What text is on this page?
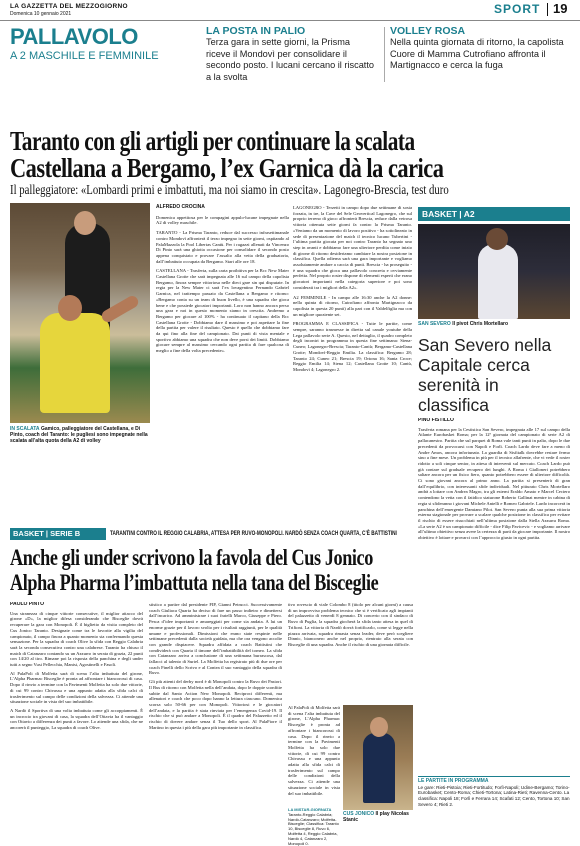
LA GAZZETTA DEL MEZZOGIORNO
Domenica 10 gennaio 2021	SPORT 19
PALLAVOLO
A 2 MASCHILE E FEMMINILE
LA POSTA IN PALIO
Terza gara in sette giorni, la Prisma riceve il Mondovì per consolidare il secondo posto. I lucani cercano il riscatto a la svolta
VOLLEY ROSA
Nella quinta giornata di ritorno, la capolista Cuore di Mamma Cutrofiano affronta il Martignacco e cerca la fuga
Taranto con gli artigli per continuare la scalata
Castellana a Bergamo, l’ex Garnica dà la carica
Il palleggiatore: «Lombardi primi e imbattuti, ma noi siamo in crescita». Lagonegro-Brescia, test duro
IN SCALATA Gamico, palleggiatore del Castellana, e Di Pinto, coach del Taranto: le pugliesi sono impegnate nella scalata all’alta quota della A2 di volley
ALFREDO CROCINA

Domenica appetitosa per le compagini appulo-lucane impegnate nella A2 di volley maschile.

TARANTO - La Prisma Taranto, reduce dal successo infrasettimanale contro Mondovì affronterà il terzo impegno in sette giorni, ospitando al PalaMazzola la Pool Libertas Cantù. Per i ragazzi allenati da Vincenzo Di Pinto sarà una ghiotta occasione per consolidare il secondo posto appena conquistato e provare l’assalto alla vetta della graduatoria, dall’imbattuto occupata da Bergamo. Start alle ore 18.

CASTELLANA - Trasferta, sulla carta proibitiva per la Bcc New Mater Castellana Grotte che sarà impegnata alle 16 sul campo della capolista Bergamo, finora sempre vittoriosa nelle dieci gare sin qui disputate. In regia per la New Mater ci sarà l’ex lovagentino Fernando Gabriel Garnica, nel trattempo passato da Castellana a Bergamo e ritorno: «Bergamo conta su un team di buon livello, è una squadra che gioca bene e che possiede giocatori importanti. Loro non hanno ancora perso una gara e noi in questo momento siamo in crescita. Andremo a Bergamo per giocare al 100% - ha continuato il capitano della Bcc Castellana Grotte - Dobbiamo dare il massimo e poi aspettare la fine della partita per valere il risultato. Questo è quello che dobbiamo fare da qui fino alla fine del campionato. Dai punti di vista mentale e sportivo abbiamo una squadra che non deve porsi dei limiti. Dobbiamo giocare sempre al massimo cercando ogni partita di fare qualcosa di meglio a fine della volta precedente».

LAGONEGRO - Terzetti in campo dopo due settimane di sosta forzata, in tre, la Cave del Sele Geovertical Lagonegro, che sul proprio terreno di gioco affronterà Brescia, reduce dalla vetrosa vittoria ottenuta sette giorni fa contro la Prisma Taranto. «Veniamo da un momento di lavoro positivo - ha sottolineato in sede di presentazione del match il tecnico lucano Tubertini - l’ultima partita giocata per noi contro Taranto ha segnato uno step in avanti e dobbiamo fare una ulteriore perdita come inizio di girone di ritorno desideriamo cambiare la nostra posizione in classifica. Quella odierna sarà una gara importante e vogliamo assolutamente andare a caccia di punti. Brescia - ha proseguito - è una squadra che gioca una pallavolo concreta e ovviamente perfetta. Nel proprio roster dispone di elementi esperti che erano giocatori importanti nella categoria superiore e poi sono considerati tra i migliori della A2».

A2 FEMMINILE - In campo alle 16:30 anche la A2 donne: nella quinta di ritorno, Cutrofiano affronta Martignacco da capolista in questa 20 punti) alla pari con il Valdelfiglia ma con un migliore quoziente set.

PROGRAMMA E CLASSIFICA - Tutte le partite, come sempre, saranno trasmesse in diretta sul canale youtube della Lega pallavolo serie A. Questo, nel dettaglio, il quadro completo degli incontri in programma in questa fine settimana: Siena-Cuneo; Lagonegro-Brescia; Taranto-Cantù; Bergamo-Castellana Grotte; Mondovì-Reggio Emilia. La classifica: Bergamo 28; Taranto 24; Cuneo 21; Brescia 19; Ortona 16; Santa Croce; Reggio Emilia 14; Siena 12; Castellana Grotte 10; Cantù, Mondovì 4; Lagonegro 2.

BASKET | A2
SAN SEVERO Il pivot Chris Mortellaro
San Severo nella Capitale cerca serenità in classifica
PINO FISTILLO

Trasferta romana per la Cestistica San Severo, impegnata alle 17 sul campo della Atlante Eurobasket Roma; per la 12ª giornata del campionato di serie A2 di pallacanestro. Partita che sul parquet di Roma vale tanti punti in palio, dopo le due precedenti da provocarsi con Napoli e Forlì. Coach Lardo deve fare a meno di Andre Amos, ancora infortunato. La guardia di Sisfitalk dovrebbe restare fermo sino a fine mese. Un problema in più per il tecnico allafrente, che vi vede il roster ridotto a soli cinque senior, in attesa di interventi sul mercato. Coach Lardo può già contare sul graduale recupero dei lunghi. A Roma i Gialloneri potrebbero saltare ancora per un fisico fiero, quanto potrebbero essere di ulteriore difficoltà. Ci sono giovani ancora al primo anno. La partita si presenterà di gran dall’equilibrio, con interessanti sfide individuali. Nel pitturato Chris Mortellaro andrà a lottare con Andrea Magro, tra gli esterni Eraldo Amato e Marcel Ceciero contendono la vetta con il fatidico staturone Roberto Gallinat mentre in cabina di regia si sfideranno i giovani Michele Antelli e Romeo Gabriele. Lardo incorcerà in panchina dell’emergente Damiano Pilot. San Severo punta alla sua prima vittoria esterna stagionale per provare a scalare qualche posizione in classifica per evitare il rischio di essere risucchiati nell’ultima posizione dalla Stella Azzurra Roma. «La serie A2 è un campionato difficile - dice Filip Pavicevic - e vogliamo arrivare all’ultimo obiettivo senza avere la certezza di parti da giocare importante. Il nostro obiettivo è lottare e provarci con l’approccio giusto in ogni partita.

LE PARTITE IN PROGRAMMA
Le gare: Rieti-Pistoia; Rieti-Fortitudo; Forlì-Napoli; Udine-Bergamo; Torino-Eurobasket; Cento-Roma; Chieti-Tortona; Latina-Rieti; Ravenna-Cento. La classifica: Napoli 18; Forlì e Ferrara 14; Scafati 12; Cento, Tortona 10; San Severo 4; Rieti 2.
BASKET | SERIE B	TARANTINI CONTRO IL REGGIO CALABRIA, ATTESA PER RUVO-MONOPOLI. NARDÒ SENZA COACH QUARTA, C’È BATTISTINI
Anche gli under scrivono la favola del Cus Jonico
Alpha Pharma l’imbattuta nella tana del Bisceglie
PAOLO PINTO

Una stranezza di cinque vittorie consecutive, il miglior attacco del girone «D», la miglior difesa considerando che Bisceglie dovrà recuperare la gara con Monopoli. È il biglietto da visita completo del Cus Jonico Taranto. Designate come tra le favorite alla vigilia del campionato, il campo finora a quanto momento sta confermando questa sensazione. Per la squadra di coach Olive la sfida con Reggio Calabria sarà la seconda consecutiva contro una calabrese. Taranto ha chiuso il match di Catanzaro contando su un Azzurro in serata di grazia, 22 punti con 14/20 al tiro. Rimane poi la risposta della panchina e degli under tutti a segno Vusi Pellecchia, Manisi, Agostinelli e Fasoli.

Al PalaPoli di Molfetta sarà di scena l’alta imbattuta del girone, L’Alpha Pharmac Bisceglie è pronta ad affrontare i biancorossi di casa. Dopo il rinvio a termine con la Pavimenti Molfetta ha solo due vittorie, di cui 99 contro Chivassu e una appunto adatta alla sfida calci di trasferimento sul campo delle condizioni della salvezza. Ci attende una situazione sociale in vista del suo imbattibile.

A Nardò il Sportiva di una volta imbattuta come gli accoppiamenti. È un incrocio tra giovani di casa, la squadra dell’Ottavia ha il vantaggio con Ottavio a differenza dei punti a favore. Lo attende una sfida, che ne ancorerà il punteggio, La squadra di coach Olive.

stistico a partire dal presidente FIP, Gianni Petrucci. Successivamente coach Giuliaca Quarta ha deciso di fare un passo indietro e dimettersi dall’incarico. Ad amministrare i suoi fratelli Marco, Giuseppe e Piero. Pesca d’idee importanti e amareggiati per come sia andata. A lui un enorme grazie per il lavoro svolto per i risultati raggiunti, per le qualità umane e professionali. Dimissioni che erano state respinte nelle settimane precedenti dalla società guidata, ma che ora vengono accolte con grande dispiacere. Squadra affidata a coach Battistini che condividerà con Quarta il timone dell’imbattibilità del torneo. La sfida con Catanzaro arriva a conclusione di una settimana burrascosa, dal fallacci al talento di Suriel. La Molfetta ha registrato più di due ore per coach Finelli dello Scrivo e al Contea il suo vantaggio della squadra di Ruvo.

Gli più attenti del derby nord è di Monopoli contro la Ruvo dei Pastori. Il Bus di ritorno con Molfetta nella dell’andata, dopo le doppie sconfitte subite dal Santo Action New Monopoli. Reciproci differenti, ma allenatori e coach che poco dopo hanno la lettura ciascuno. Domenica scorsa solo 50-66 per con Monopoli. Vittoriosi e le giocatori dell’andata, e la partita è stata rinviata per l’emergenza Covid-19. Il rischio che si può andare a Monopoli. È il quadro del Palazzetto ed il rischio di dovere andare senza il Tuo dello sport. Al PalaFiore il Martino in questa i più della gara più importante in classifica.

tivo rovescio di viale Colombo 8 (titolo per alcuni giorni) a causa di un improvviso problema tecnico che si è verificato agli impianti del palazzetto di venerdì 8 gennaio. Di concerto con il sindaco di Ruvo di Puglia, la squadra giocherà la sfida tanto attesa in quel di Trifioni. La vittoria di Nardò dovrà fortificarlo, come si legge nella piazza arrivata, squadra rimasta senza leader, deve però scegliere Dinnic, bianconero anche nel proprio, rientrato alla serata con Bisceglie di una squadra. Anche il rischio di una giornata difficile.

Al PalaPoli di Molfetta sarà di scena l’alta imbattuta del girone, L’Alpha Pharmac Bisceglie è pronta ad affrontare i biancorossi di casa. Dopo il rinvio a termine con la Pavimenti Molfetta ha solo due vittorie, di cui 99 contro Chivassu e una appunto adatta alla sfida calci di trasferimento sul campo delle condizioni della salvezza. Ci attende una situazione sociale in vista del suo imbattibile.

CUS JONICO Il play Nicolas Stanic
LA MISTAR-GIORNATA
Taranto-Reggio Calabria; Nardò-Catanzaro; Molfetta-Bisceglie; Classifica: Taranto 10, Bisceglie 8, Ruvo 6, Molfetta 4, Reggio Calabria, Nardò 4, Catanzaro 2, Monopoli 0.
